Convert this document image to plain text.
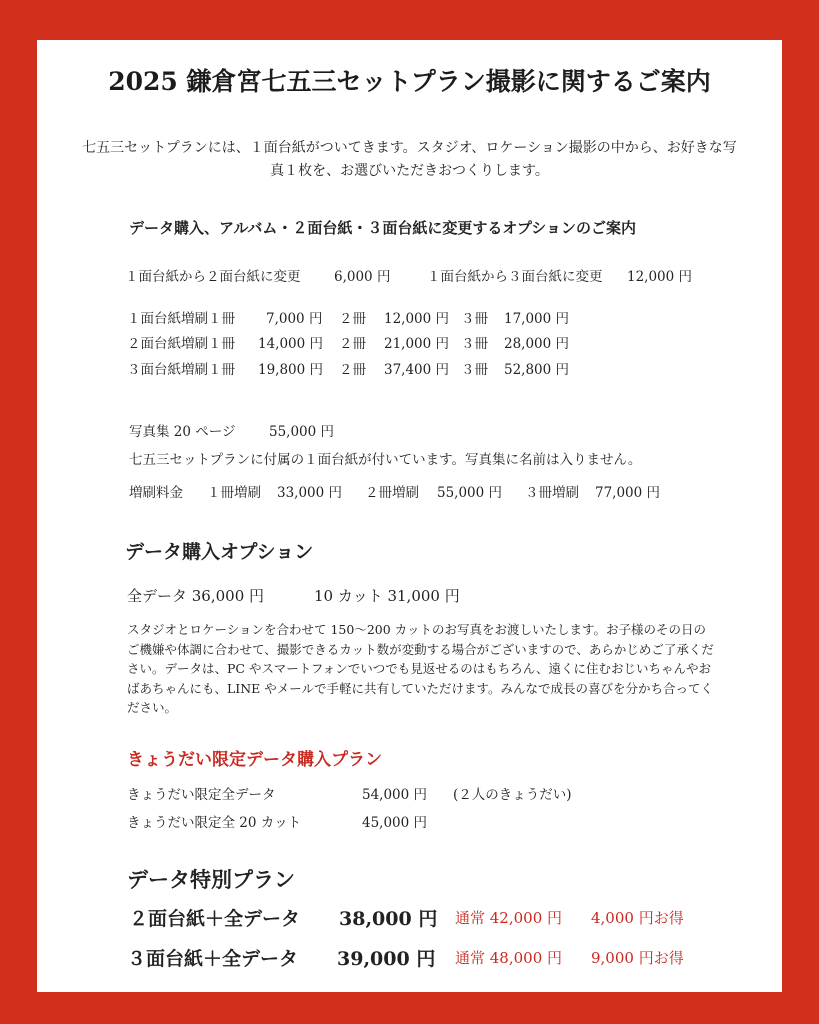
2025 鎌倉宮七五三セットプラン撮影に関するご案内
七五三セットプランには、１面台紙がついてきます。スタジオ、ロケーション撮影の中から、お好きな写真１枚を、お選びいただきおつくりします。
データ購入、アルバム・２面台紙・３面台紙に変更するオプションのご案内
１面台紙から２面台紙に変更 6,000 円	１面台紙から３面台紙に変更 12,000 円
１面台紙増刷１冊 7,000 円 ２冊 12,000 円 ３冊 17,000 円
２面台紙増刷１冊 14,000 円 ２冊 21,000 円 ３冊 28,000 円
３面台紙増刷１冊 19,800 円 ２冊 37,400 円 ３冊 52,800 円
写真集 20 ページ 55,000 円
七五三セットプランに付属の１面台紙が付いています。写真集に名前は入りません。
増刷料金 １冊増刷 33,000 円 ２冊増刷 55,000 円 ３冊増刷 77,000 円
データ購入オプション
全データ 36,000 円	10 カット 31,000 円
スタジオとロケーションを合わせて 150〜200 カットのお写真をお渡しいたします。お子様のその日のご機嫌や体調に合わせて、撮影できるカット数が変動する場合がございますので、あらかじめご了承ください。データは、PC やスマートフォンでいつでも見返せるのはもちろん、遠くに住むおじいちゃんやおばあちゃんにも、LINE やメールで手軽に共有していただけます。みんなで成長の喜びを分かち合ってください。
きょうだい限定データ購入プラン
きょうだい限定全データ	54,000 円 (２人のきょうだい)
きょうだい限定全 20 カット	45,000 円
データ特別プラン
２面台紙＋全データ 38,000 円 通常 42,000 円 4,000 円お得
３面台紙＋全データ 39,000 円 通常 48,000 円 9,000 円お得
